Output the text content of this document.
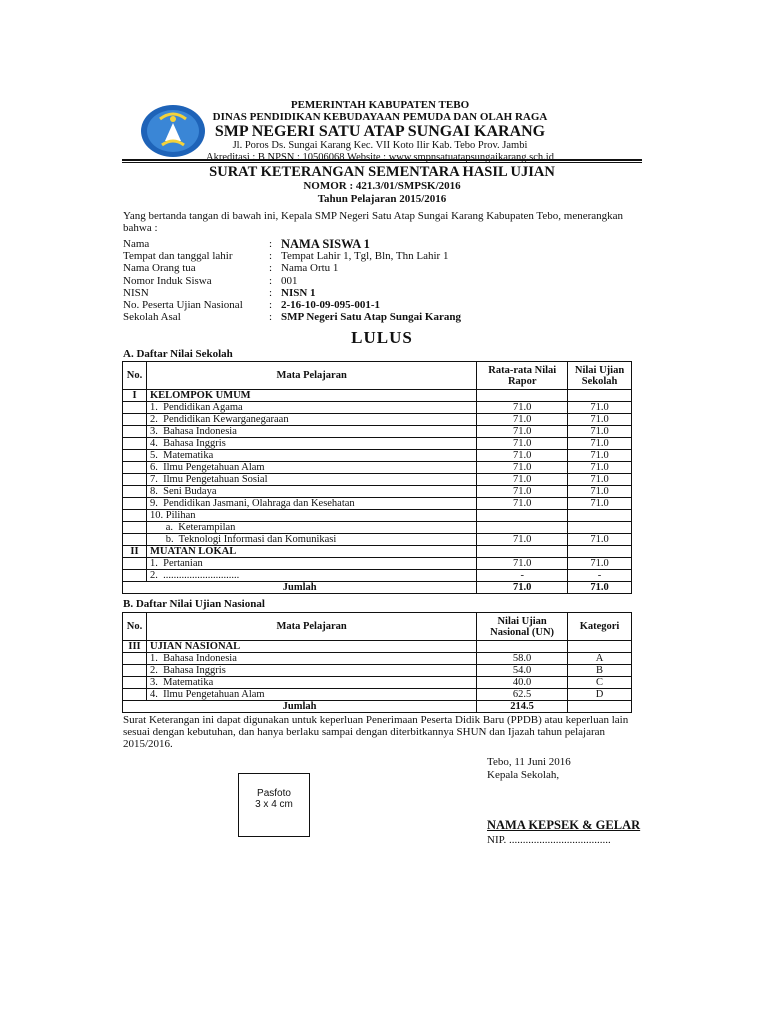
PEMERINTAH KABUPATEN TEBO
DINAS PENDIDIKAN KEBUDAYAAN PEMUDA DAN OLAH RAGA
SMP NEGERI SATU ATAP SUNGAI KARANG
Jl. Poros Ds. Sungai Karang Kec. VII Koto Ilir Kab. Tebo Prov. Jambi
Akreditasi : B NPSN : 10506068 Website : www.smpnsatuatapsungaikarang.sch.id
SURAT KETERANGAN SEMENTARA HASIL UJIAN
NOMOR : 421.3/01/SMPSK/2016
Tahun Pelajaran 2015/2016
Yang bertanda tangan di bawah ini, Kepala SMP Negeri Satu Atap Sungai Karang Kabupaten Tebo, menerangkan bahwa :
Nama	: NAMA SISWA 1
Tempat dan tanggal lahir	: Tempat Lahir 1, Tgl, Bln, Thn Lahir 1
Nama Orang tua	: Nama Ortu 1
Nomor Induk Siswa	: 001
NISN	: NISN 1
No. Peserta Ujian Nasional : 2-16-10-09-095-001-1
Sekolah Asal	: SMP Negeri Satu Atap Sungai Karang
LULUS
A. Daftar Nilai Sekolah
No.	Mata Pelajaran	Rata-rata Nilai Rapor	Nilai Ujian Sekolah
I	KELOMPOK UMUM		
	1.  Pendidikan Agama	71.0	71.0
	2.  Pendidikan Kewarganegaraan	71.0	71.0
	3.  Bahasa Indonesia	71.0	71.0
	4.  Bahasa Inggris	71.0	71.0
	5.  Matematika	71.0	71.0
	6.  Ilmu Pengetahuan Alam	71.0	71.0
	7.  Ilmu Pengetahuan Sosial	71.0	71.0
	8.  Seni Budaya	71.0	71.0
	9.  Pendidikan Jasmani, Olahraga dan Kesehatan	71.0	71.0
	10. Pilihan		
	a.  Keterampilan		
	b.  Teknologi Informasi dan Komunikasi	71.0	71.0
II	MUATAN LOKAL		
	1.  Pertanian	71.0	71.0
	2.  .............................	-	-
Jumlah		71.0	71.0
B. Daftar Nilai Ujian Nasional
No.	Mata Pelajaran	Nilai Ujian Nasional (UN)	Kategori
III	UJIAN NASIONAL		
	1.  Bahasa Indonesia	58.0	A
	2.  Bahasa Inggris	54.0	B
	3.  Matematika	40.0	C
	4.  Ilmu Pengetahuan Alam	62.5	D
Jumlah		214.5	
Surat Keterangan ini dapat digunakan untuk keperluan Penerimaan Peserta Didik Baru (PPDB) atau keperluan lain sesuai dengan kebutuhan, dan hanya berlaku sampai dengan diterbitkannya SHUN dan Ijazah tahun pelajaran 2015/2016.
Tebo, 11 Juni 2016
Kepala Sekolah,
Pasfoto
3 x 4 cm
NAMA KEPSEK & GELAR
NIP. .....................................
